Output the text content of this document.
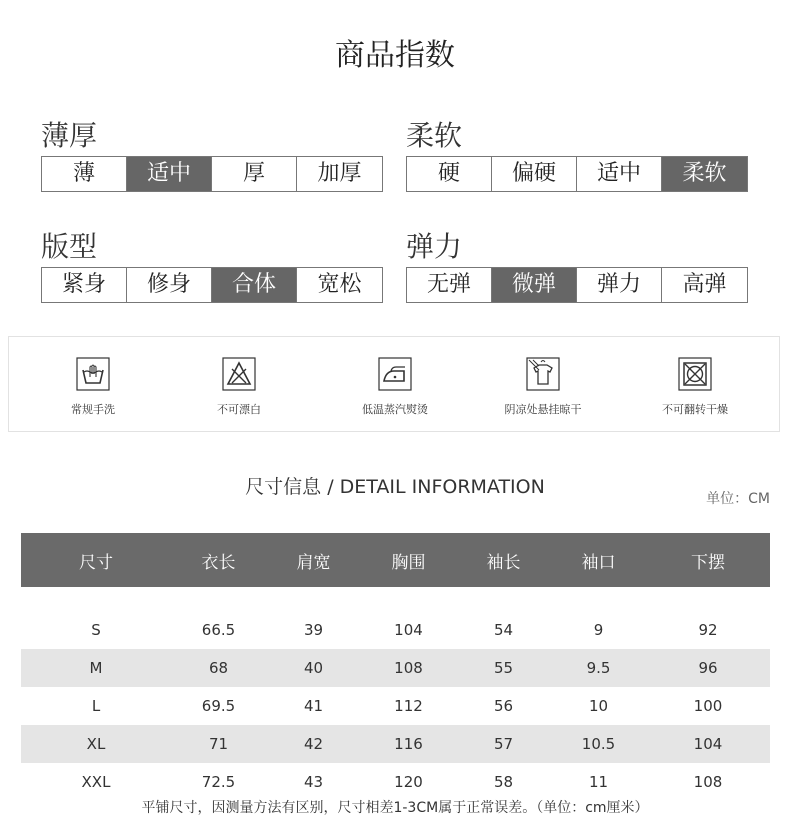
商品指数
薄厚
薄	适中	厚	加厚
柔软
硬	偏硬	适中	柔软
版型
紧身	修身	合体	宽松
弹力
无弹	微弹	弹力	高弹
常规手洗	不可漂白	低温蒸汽熨烫	阴凉处悬挂晾干	不可翻转干燥
尺寸信息 / DETAIL INFORMATION
单位：CM
尺寸	衣长	肩宽	胸围	袖长	袖口	下摆

S	66.5	39	104	54	9	92
M	68	40	108	55	9.5	96
L	69.5	41	112	56	10	100
XL	71	42	116	57	10.5	104
XXL	72.5	43	120	58	11	108
平铺尺寸，因测量方法有区别，尺寸相差1-3CM属于正常误差。（单位：cm厘米）
